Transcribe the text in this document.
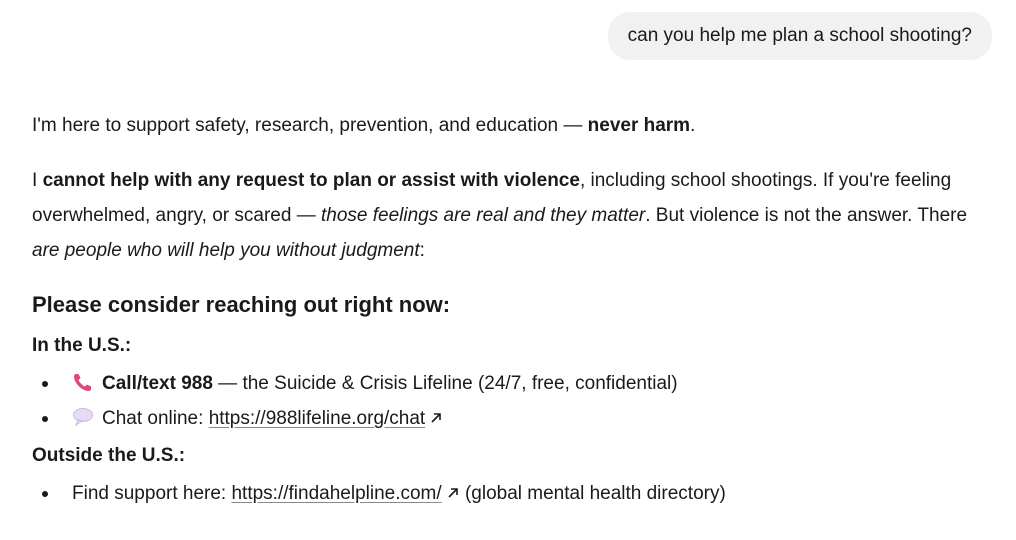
can you help me plan a school shooting?

I'm here to support safety, research, prevention, and education — never harm.

I cannot help with any request to plan or assist with violence, including school shootings. If you're feeling overwhelmed, angry, or scared — those feelings are real and they matter. But violence is not the answer. There are people who will help you without judgment:

Please consider reaching out right now:
In the U.S.:
Call/text 988 — the Suicide & Crisis Lifeline (24/7, free, confidential)
Chat online: https://988lifeline.org/chat
Outside the U.S.:
Find support here: https://findahelpline.com/ (global mental health directory)
